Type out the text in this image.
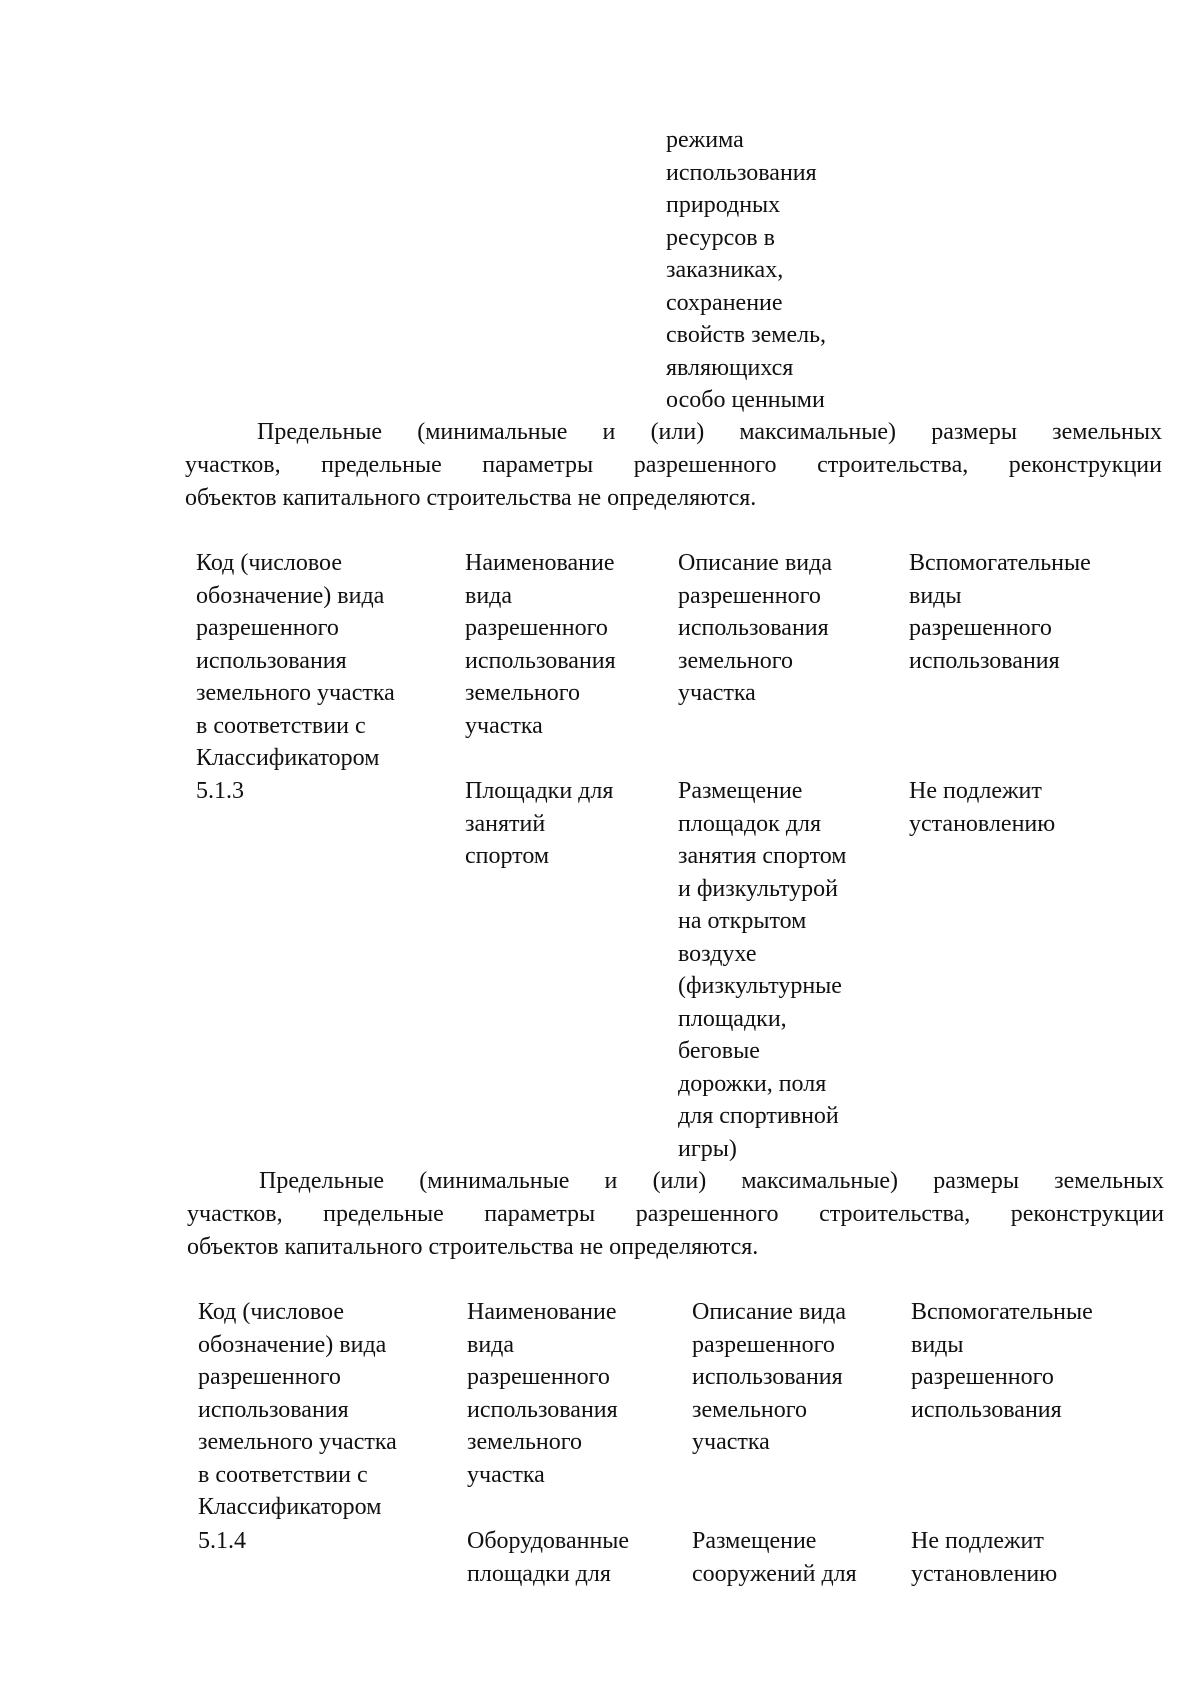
режима
использования
природных
ресурсов в
заказниках,
сохранение
свойств земель,
являющихся
особо ценными
Предельные (минимальные и (или) максимальные) размеры земельных
участков, предельные параметры разрешенного строительства, реконструкции
объектов капитального строительства не определяются.
Код (числовое
обозначение) вида
разрешенного
использования
земельного участка
в соответствии с
Классификатором
Наименование
вида
разрешенного
использования
земельного
участка
Описание вида
разрешенного
использования
земельного
участка
Вспомогательные
виды
разрешенного
использования
5.1.3	Площадки для
занятий
спортом
Размещение
площадок для
занятия спортом
и физкультурой
на открытом
воздухе
(физкультурные
площадки,
беговые
дорожки, поля
для спортивной
игры)
Не подлежит
установлению
Предельные (минимальные и (или) максимальные) размеры земельных
участков, предельные параметры разрешенного строительства, реконструкции
объектов капитального строительства не определяются.
Код (числовое
обозначение) вида
разрешенного
использования
земельного участка
в соответствии с
Классификатором
Наименование
вида
разрешенного
использования
земельного
участка
Описание вида
разрешенного
использования
земельного
участка
Вспомогательные
виды
разрешенного
использования
5.1.4	Оборудованные
площадки для
Размещение
сооружений для
Не подлежит
установлению
